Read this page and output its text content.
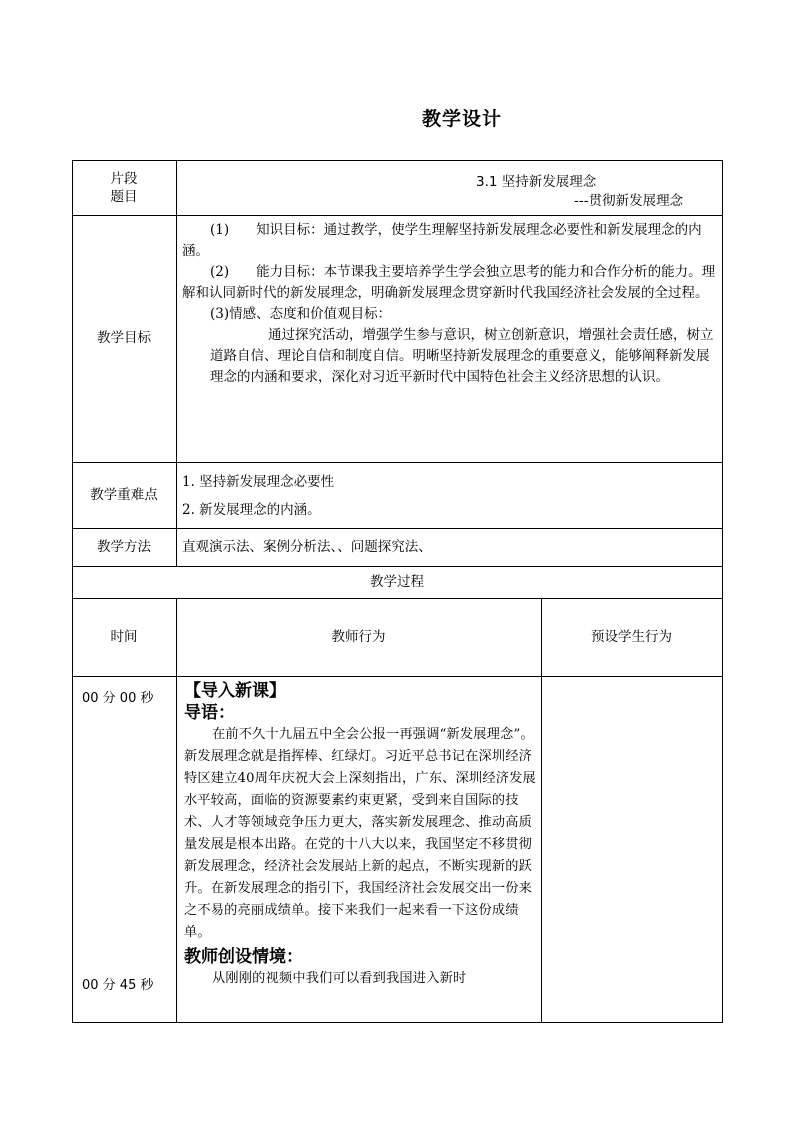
教学设计
片段
题目
3.1 坚持新发展理念
---贯彻新发展理念
教学目标

(1)　　知识目标：通过教学，使学生理解坚持新发展理念必要性和新发展理念的内涵。

(2)　　能力目标：本节课我主要培养学生学会独立思考的能力和合作分析的能力。理解和认同新时代的新发展理念，明确新发展理念贯穿新时代我国经济社会发展的全过程。

(3)情感、态度和价值观目标：

通过探究活动，增强学生参与意识，树立创新意识，增强社会责任感，树立道路自信、理论自信和制度自信。明晰坚持新发展理念的重要意义，能够阐释新发展理念的内涵和要求，深化对习近平新时代中国特色社会主义经济思想的认识。

教学重难点
1. 坚持新发展理念必要性
2. 新发展理念的内涵。
教学方法 直观演示法、案例分析法、、问题探究法、
教学过程
时间	教师行为	预设学生行为
00 分 00 秒
00 分 45 秒

【导入新课】

导语：

在前不久十九届五中全会公报一再强调“新发展理念”。新发展理念就是指挥棒、红绿灯。习近平总书记在深圳经济特区建立40周年庆祝大会上深刻指出，广东、深圳经济发展水平较高，面临的资源要素约束更紧，受到来自国际的技术、人才等领域竞争压力更大，落实新发展理念、推动高质量发展是根本出路。在党的十八大以来，我国坚定不移贯彻新发展理念，经济社会发展站上新的起点，不断实现新的跃升。在新发展理念的指引下，我国经济社会发展交出一份来之不易的亮丽成绩单。接下来我们一起来看一下这份成绩单。

教师创设情境：

从刚刚的视频中我们可以看到我国进入新时
